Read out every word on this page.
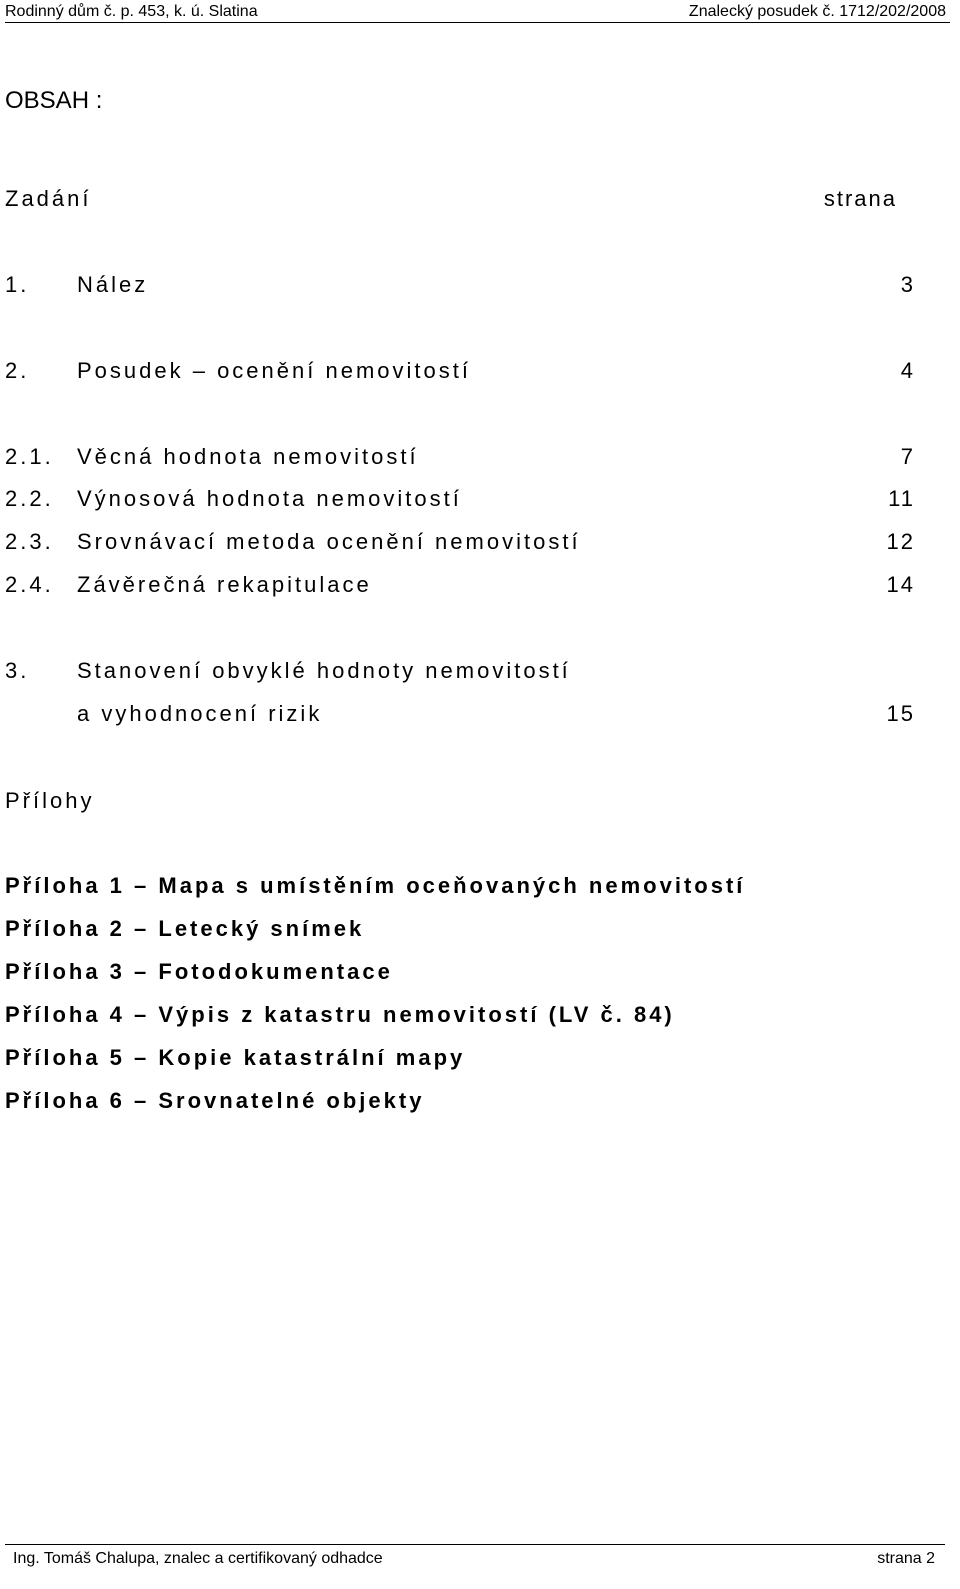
Rodinný dům č. p. 453, k. ú. Slatina	Znalecký posudek č. 1712/202/2008
OBSAH :
Zadání	strana
1. Nález	3
2. Posudek – ocenění nemovitostí	4
2.1. Věcná hodnota nemovitostí	7
2.2. Výnosová hodnota nemovitostí	11
2.3. Srovnávací metoda ocenění nemovitostí	12
2.4. Závěrečná rekapitulace	14
3. Stanovení obvyklé hodnoty nemovitostí
a vyhodnocení rizik	15
Přílohy
Příloha 1 – Mapa s umístěním oceňovaných nemovitostí
Příloha 2 – Letecký snímek
Příloha 3 – Fotodokumentace
Příloha 4 – Výpis z katastru nemovitostí (LV č. 84)
Příloha 5 – Kopie katastrální mapy
Příloha 6 – Srovnatelné objekty
Ing. Tomáš Chalupa, znalec a certifikovaný odhadce	strana 2
